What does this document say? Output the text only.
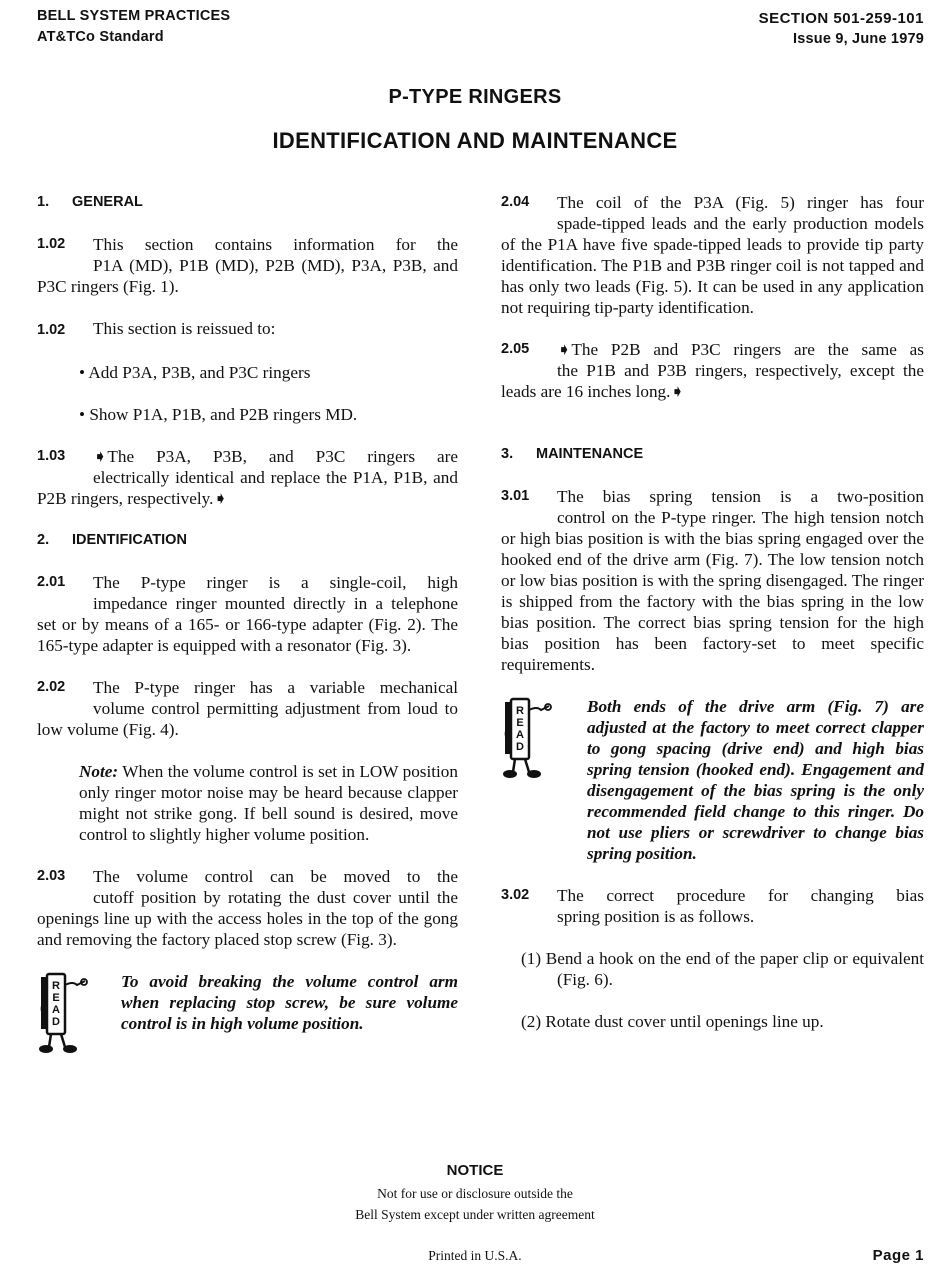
BELL SYSTEM PRACTICES
AT&TCo Standard
SECTION 501-259-101
Issue 9, June 1979
P-TYPE RINGERS
IDENTIFICATION AND MAINTENANCE
1. GENERAL
1.02	This section contains information for the
P1A (MD), P1B (MD), P2B (MD), P3A, P3B, and P3C ringers (Fig. 1).
1.02 This section is reissued to:
• Add P3A, P3B, and P3C ringers
• Show P1A, P1B, and P2B ringers MD.
1.03	➧The P3A, P3B, and P3C ringers are
electrically identical and replace the P1A, P1B, and P2B ringers, respectively.➧
2. IDENTIFICATION
2.01	The P-type ringer is a single-coil, high
impedance ringer mounted directly in a telephone set or by means of a 165- or 166-type adapter (Fig. 2). The 165-type adapter is equipped with a resonator (Fig. 3).
2.02	The P-type ringer has a variable mechanical
volume control permitting adjustment from loud to low volume (Fig. 4).
Note: When the volume control is set in LOW position only ringer motor noise may be heard because clapper might not strike gong. If bell sound is desired, move control to slightly higher volume position.
2.03	The volume control can be moved to the
cutoff position by rotating the dust cover until the openings line up with the access holes in the top of the gong and removing the factory placed stop screw (Fig. 3).
R
E
A
D
To avoid breaking the volume control arm when replacing stop screw, be sure volume control is in high volume position.
2.04	The coil of the P3A (Fig. 5) ringer has four
spade-tipped leads and the early production models of the P1A have five spade-tipped leads to provide tip party identification. The P1B and P3B ringer coil is not tapped and has only two leads (Fig. 5). It can be used in any application not requiring tip-party identification.
2.05	➧The P2B and P3C ringers are the same as
the P1B and P3B ringers, respectively, except the leads are 16 inches long.➧
3. MAINTENANCE
3.01	The bias spring tension is a two-position
control on the P-type ringer. The high tension notch or high bias position is with the bias spring engaged over the hooked end of the drive arm (Fig. 7). The low tension notch or low bias position is with the spring disengaged. The ringer is shipped from the factory with the bias spring in the low bias position. The correct bias spring tension for the high bias position has been factory-set to meet specific requirements.
R
E
A
D
Both ends of the drive arm (Fig. 7) are adjusted at the factory to meet correct clapper to gong spacing (drive end) and high bias spring tension (hooked end). Engagement and disengagement of the bias spring is the only recommended field change to this ringer. Do not use pliers or screwdriver to change bias spring position.
3.02	The correct procedure for changing bias
spring position is as follows.
(1) Bend a hook on the end of the paper clip or equivalent (Fig. 6).
(2) Rotate dust cover until openings line up.
NOTICE
Not for use or disclosure outside the
Bell System except under written agreement
Printed in U.S.A.	Page 1
